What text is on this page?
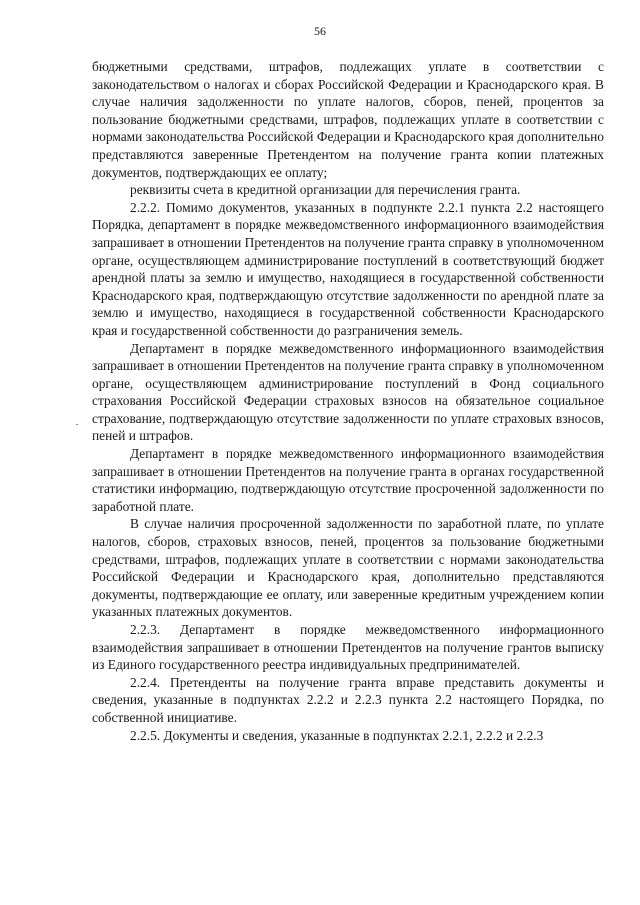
56

бюджетными средствами, штрафов, подлежащих уплате в соответствии с законодательством о налогах и сборах Российской Федерации и Краснодарского края. В случае наличия задолженности по уплате налогов, сборов, пеней, процентов за пользование бюджетными средствами, штрафов, подлежащих уплате в соответствии с нормами законодательства Российской Федерации и Краснодарского края дополнительно представляются заверенные Претендентом на получение гранта копии платежных документов, подтверждающих ее оплату;

реквизиты счета в кредитной организации для перечисления гранта.

2.2.2. Помимо документов, указанных в подпункте 2.2.1 пункта 2.2 настоящего Порядка, департамент в порядке межведомственного информационного взаимодействия запрашивает в отношении Претендентов на получение гранта справку в уполномоченном органе, осуществляющем администрирование поступлений в соответствующий бюджет арендной платы за землю и имущество, находящиеся в государственной собственности Краснодарского края, подтверждающую отсутствие задолженности по арендной плате за землю и имущество, находящиеся в государственной собственности Краснодарского края и государственной собственности до разграничения земель.

Департамент в порядке межведомственного информационного взаимодействия запрашивает в отношении Претендентов на получение гранта справку в уполномоченном органе, осуществляющем администрирование поступлений в Фонд социального страхования Российской Федерации страховых взносов на обязательное социальное страхование, подтверждающую отсутствие задолженности по уплате страховых взносов, пеней и штрафов.

Департамент в порядке межведомственного информационного взаимодействия запрашивает в отношении Претендентов на получение гранта в органах государственной статистики информацию, подтверждающую отсутствие просроченной задолженности по заработной плате.

В случае наличия просроченной задолженности по заработной плате, по уплате налогов, сборов, страховых взносов, пеней, процентов за пользование бюджетными средствами, штрафов, подлежащих уплате в соответствии с нормами законодательства Российской Федерации и Краснодарского края, дополнительно представляются документы, подтверждающие ее оплату, или заверенные кредитным учреждением копии указанных платежных документов.

2.2.3. Департамент в порядке межведомственного информационного взаимодействия запрашивает в отношении Претендентов на получение грантов выписку из Единого государственного реестра индивидуальных предпринимателей.

2.2.4. Претенденты на получение гранта вправе представить документы и сведения, указанные в подпунктах 2.2.2 и 2.2.3 пункта 2.2 настоящего Порядка, по собственной инициативе.

2.2.5. Документы и сведения, указанные в подпунктах 2.2.1, 2.2.2 и 2.2.3
